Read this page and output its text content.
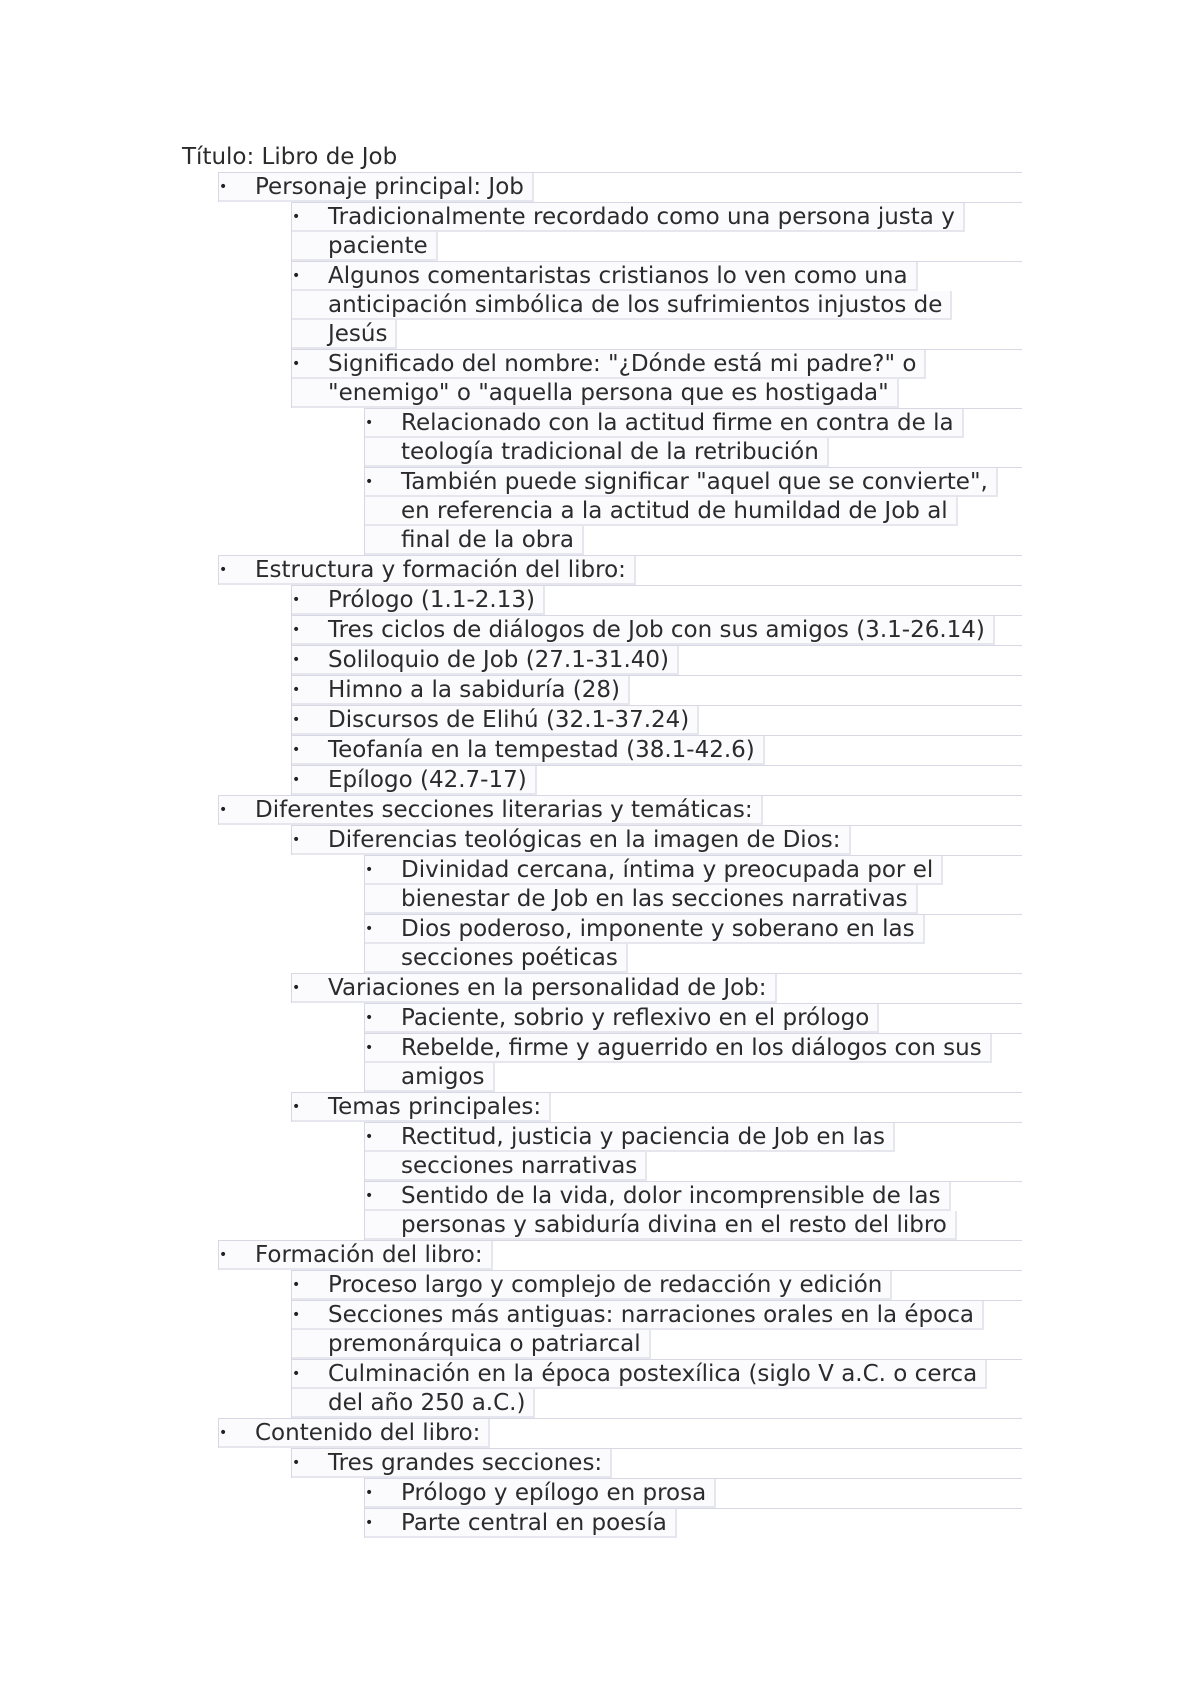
Título: Libro de Job
•	Personaje principal: Job
•	Tradicionalmente recordado como una persona justa y
paciente
•	Algunos comentaristas cristianos lo ven como una
anticipación simbólica de los sufrimientos injustos de
Jesús
•	Significado del nombre: "¿Dónde está mi padre?" o
"enemigo" o "aquella persona que es hostigada"
•	Relacionado con la actitud firme en contra de la
teología tradicional de la retribución
•	También puede significar "aquel que se convierte",
en referencia a la actitud de humildad de Job al
final de la obra
•	Estructura y formación del libro:
•	Prólogo (1.1-2.13)
•	Tres ciclos de diálogos de Job con sus amigos (3.1-26.14)
•	Soliloquio de Job (27.1-31.40)
•	Himno a la sabiduría (28)
•	Discursos de Elihú (32.1-37.24)
•	Teofanía en la tempestad (38.1-42.6)
•	Epílogo (42.7-17)
•	Diferentes secciones literarias y temáticas:
•	Diferencias teológicas en la imagen de Dios:
•	Divinidad cercana, íntima y preocupada por el
bienestar de Job en las secciones narrativas
•	Dios poderoso, imponente y soberano en las
secciones poéticas
•	Variaciones en la personalidad de Job:
•	Paciente, sobrio y reflexivo en el prólogo
•	Rebelde, firme y aguerrido en los diálogos con sus
amigos
•	Temas principales:
•	Rectitud, justicia y paciencia de Job en las
secciones narrativas
•	Sentido de la vida, dolor incomprensible de las
personas y sabiduría divina en el resto del libro
•	Formación del libro:
•	Proceso largo y complejo de redacción y edición
•	Secciones más antiguas: narraciones orales en la época
premonárquica o patriarcal
•	Culminación en la época postexílica (siglo V a.C. o cerca
del año 250 a.C.)
•	Contenido del libro:
•	Tres grandes secciones:
•	Prólogo y epílogo en prosa
•	Parte central en poesía
